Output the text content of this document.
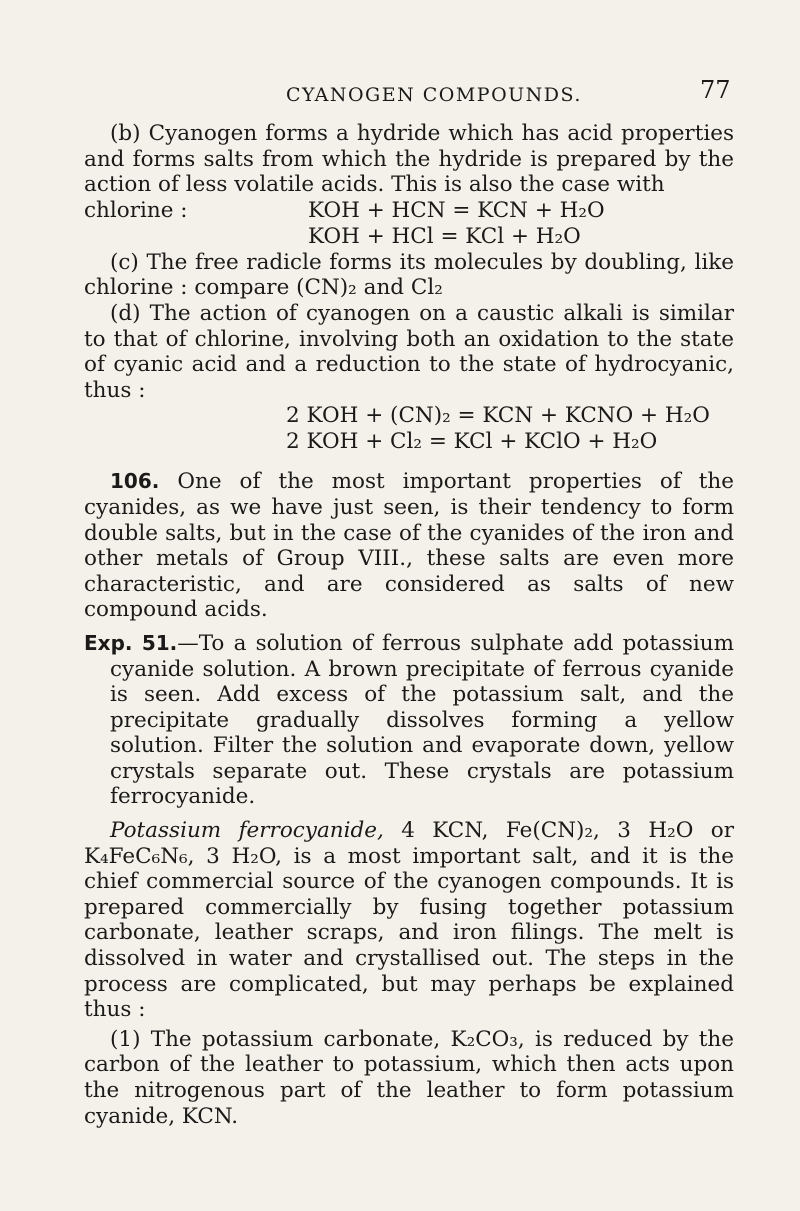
CYANOGEN COMPOUNDS.	77

(b) Cyanogen forms a hydride which has acid properties and forms salts from which the hydride is prepared by the action of less volatile acids. This is also the case with

chlorine :	KOH + HCN = KCN + H₂O
KOH + HCl = KCl + H₂O

(c) The free radicle forms its molecules by doubling, like chlorine : compare (CN)₂ and Cl₂

(d) The action of cyanogen on a caustic alkali is similar to that of chlorine, involving both an oxidation to the state of cyanic acid and a reduction to the state of hydrocyanic, thus :

2 KOH + (CN)₂ = KCN + KCNO + H₂O
2 KOH + Cl₂ = KCl + KClO + H₂O

106. One of the most important properties of the cyanides, as we have just seen, is their tendency to form double salts, but in the case of the cyanides of the iron and other metals of Group VIII., these salts are even more characteristic, and are considered as salts of new compound acids.

Exp. 51.—To a solution of ferrous sulphate add potassium cyanide solution. A brown precipitate of ferrous cyanide is seen. Add excess of the potassium salt, and the precipitate gradually dissolves forming a yellow solution. Filter the solution and evaporate down, yellow crystals separate out. These crystals are potassium ferrocyanide.

Potassium ferrocyanide, 4 KCN, Fe(CN)₂, 3 H₂O or K₄FeC₆N₆, 3 H₂O, is a most important salt, and it is the chief commercial source of the cyanogen compounds. It is prepared commercially by fusing together potassium carbonate, leather scraps, and iron filings. The melt is dissolved in water and crystallised out. The steps in the process are complicated, but may perhaps be explained thus :

(1) The potassium carbonate, K₂CO₃, is reduced by the carbon of the leather to potassium, which then acts upon the nitrogenous part of the leather to form potassium cyanide, KCN.
